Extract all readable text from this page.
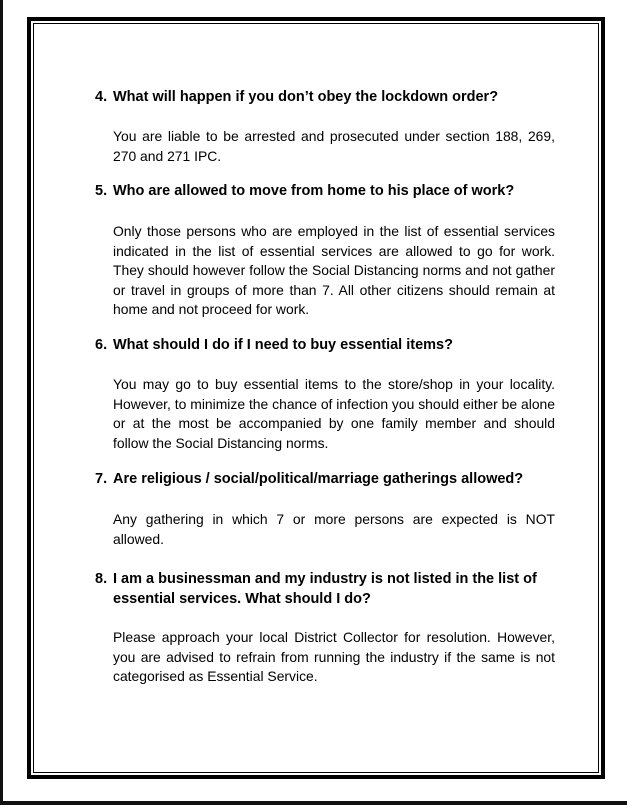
4. What will happen if you don’t obey the lockdown order?

You are liable to be arrested and prosecuted under section 188, 269, 270 and 271 IPC.

5. Who are allowed to move from home to his place of work?

Only those persons who are employed in the list of essential services indicated in the list of essential services are allowed to go for work. They should however follow the Social Distancing norms and not gather or travel in groups of more than 7. All other citizens should remain at home and not proceed for work.

6. What should I do if I need to buy essential items?

You may go to buy essential items to the store/shop in your locality. However, to minimize the chance of infection you should either be alone or at the most be accompanied by one family member and should follow the Social Distancing norms.

7. Are religious / social/political/marriage gatherings allowed?

Any gathering in which 7 or more persons are expected is NOT allowed.

8. I am a businessman and my industry is not listed in the list of essential services. What should I do?

Please approach your local District Collector for resolution. However, you are advised to refrain from running the industry if the same is not categorised as Essential Service.
